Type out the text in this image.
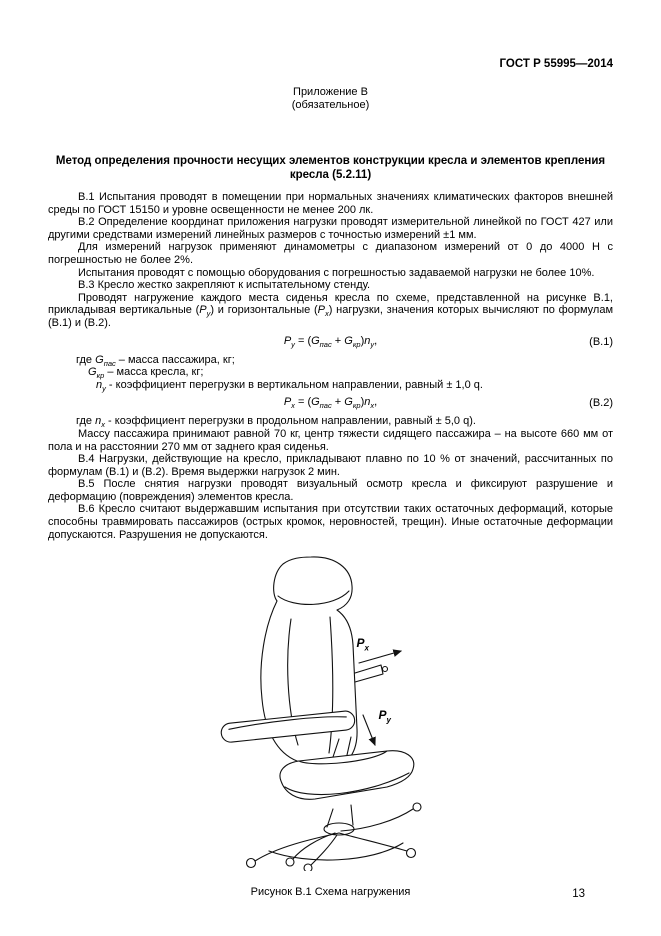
ГОСТ Р 55995—2014
Приложение В
(обязательное)
Метод определения прочности несущих элементов конструкции кресла и элементов крепления кресла (5.2.11)

В.1 Испытания проводят в помещении при нормальных значениях климатических факторов внешней среды по ГОСТ 15150 и уровне освещенности не менее 200 лк.

В.2 Определение координат приложения нагрузки проводят измерительной линейкой по ГОСТ 427 или другими средствами измерений линейных размеров с точностью измерений ±1 мм.

Для измерений нагрузок применяют динамометры с диапазоном измерений от 0 до 4000 Н с погрешностью не более 2%.

Испытания проводят с помощью оборудования с погрешностью задаваемой нагрузки не более 10%.

В.3 Кресло жестко закрепляют к испытательному стенду.

Проводят нагружение каждого места сиденья кресла по схеме, представленной на рисунке В.1, прикладывая вертикальные $(P_у)$ и горизонтальные $(P_х)$ нагрузки, значения которых вычисляют по формулам (В.1) и (В.2).

$P_у = (G_{пас} + G_{кр})n_у$,	(В.1)
где $G_{пас}$ – масса пассажира, кг;
$G_{кр}$ – масса кресла, кг;
$n_у$ - коэффициент перегрузки в вертикальном направлении, равный ± 1,0 q.
$P_х = (G_{пас} + G_{кр})n_х$,	(В.2)
где $n_х$ - коэффициент перегрузки в продольном направлении, равный ± 5,0 q).

Массу пассажира принимают равной 70 кг, центр тяжести сидящего пассажира – на высоте 660 мм от пола и на расстоянии 270 мм от заднего края сиденья.

В.4 Нагрузки, действующие на кресло, прикладывают плавно по 10 % от значений, рассчитанных по формулам (В.1) и (В.2). Время выдержки нагрузок 2 мин.

В.5 После снятия нагрузки проводят визуальный осмотр кресла и фиксируют разрушение и деформацию (повреждения) элементов кресла.

В.6 Кресло считают выдержавшим испытания при отсутствии таких остаточных деформаций, которые способны травмировать пассажиров (острых кромок, неровностей, трещин). Иные остаточные деформации допускаются. Разрушения не допускаются.

$P_х$
$P_у$
Рисунок В.1 Схема нагружения	13
